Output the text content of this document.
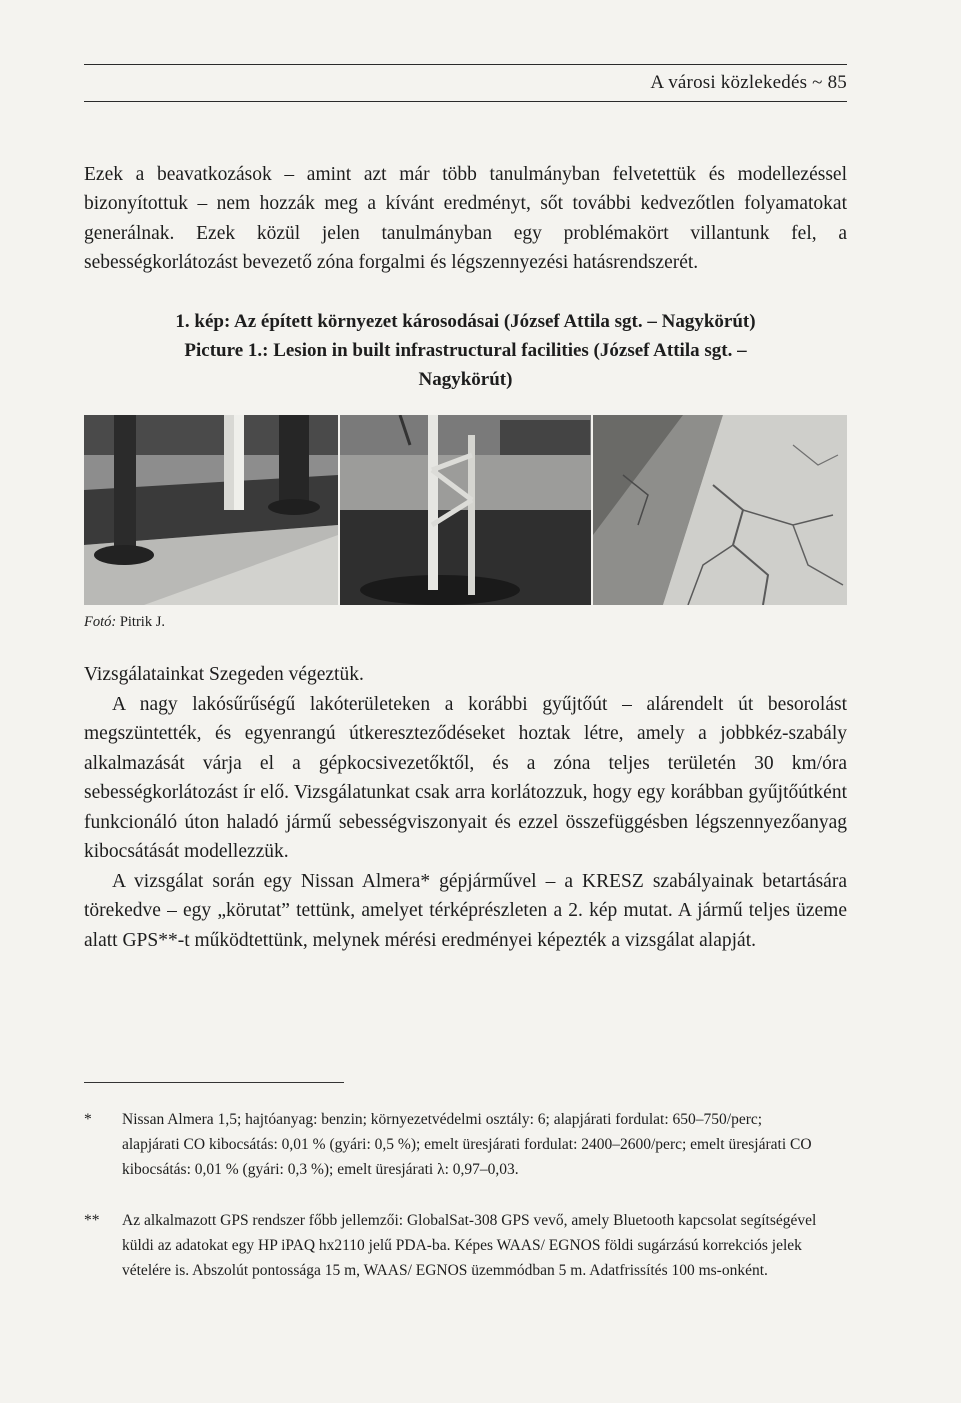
A városi közlekedés ~ 85

Ezek a beavatkozások – amint azt már több tanulmányban felvetettük és modellezéssel bizonyítottuk – nem hozzák meg a kívánt eredményt, sőt további kedvezőtlen folyamatokat generálnak. Ezek közül jelen tanulmányban egy problémakört villantunk fel, a sebességkorlátozást bevezető zóna forgalmi és légszennyezési hatásrendszerét.

1. kép: Az épített környezet károsodásai (József Attila sgt. – Nagykörút)
Picture 1.: Lesion in built infrastructural facilities (József Attila sgt. –
Nagykörút)
Fotó: Pitrik J.

Vizsgálatainkat Szegeden végeztük.

A nagy lakósűrűségű lakóterületeken a korábbi gyűjtőút – alárendelt út besorolást megszüntették, és egyenrangú útkereszteződéseket hoztak létre, amely a jobbkéz-szabály alkalmazását várja el a gépkocsivezetőktől, és a zóna teljes területén 30 km/óra sebességkorlátozást ír elő. Vizsgálatunkat csak arra korlátozzuk, hogy egy korábban gyűjtőútként funkcionáló úton haladó jármű sebességviszonyait és ezzel összefüggésben légszennyezőanyag kibocsátását modellezzük.

A vizsgálat során egy Nissan Almera* gépjárművel – a KRESZ szabályainak betartására törekedve – egy „körutat” tettünk, amelyet térképrészleten a 2. kép mutat. A jármű teljes üzeme alatt GPS**-t működtettünk, melynek mérési eredményei képezték a vizsgálat alapját.

*	Nissan Almera 1,5; hajtóanyag: benzin; környezetvédelmi osztály: 6; alapjárati fordulat: 650–750/perc; alapjárati CO kibocsátás: 0,01 % (gyári: 0,5 %); emelt üresjárati fordulat: 2400–2600/perc; emelt üresjárati CO kibocsátás: 0,01 % (gyári: 0,3 %); emelt üresjárati λ: 0,97–0,03.
**	Az alkalmazott GPS rendszer főbb jellemzői: GlobalSat-308 GPS vevő, amely Bluetooth kapcsolat segítségével küldi az adatokat egy HP iPAQ hx2110 jelű PDA-ba. Képes WAAS/ EGNOS földi sugárzású korrekciós jelek vételére is. Abszolút pontossága 15 m, WAAS/ EGNOS üzemmódban 5 m. Adatfrissítés 100 ms-onként.
